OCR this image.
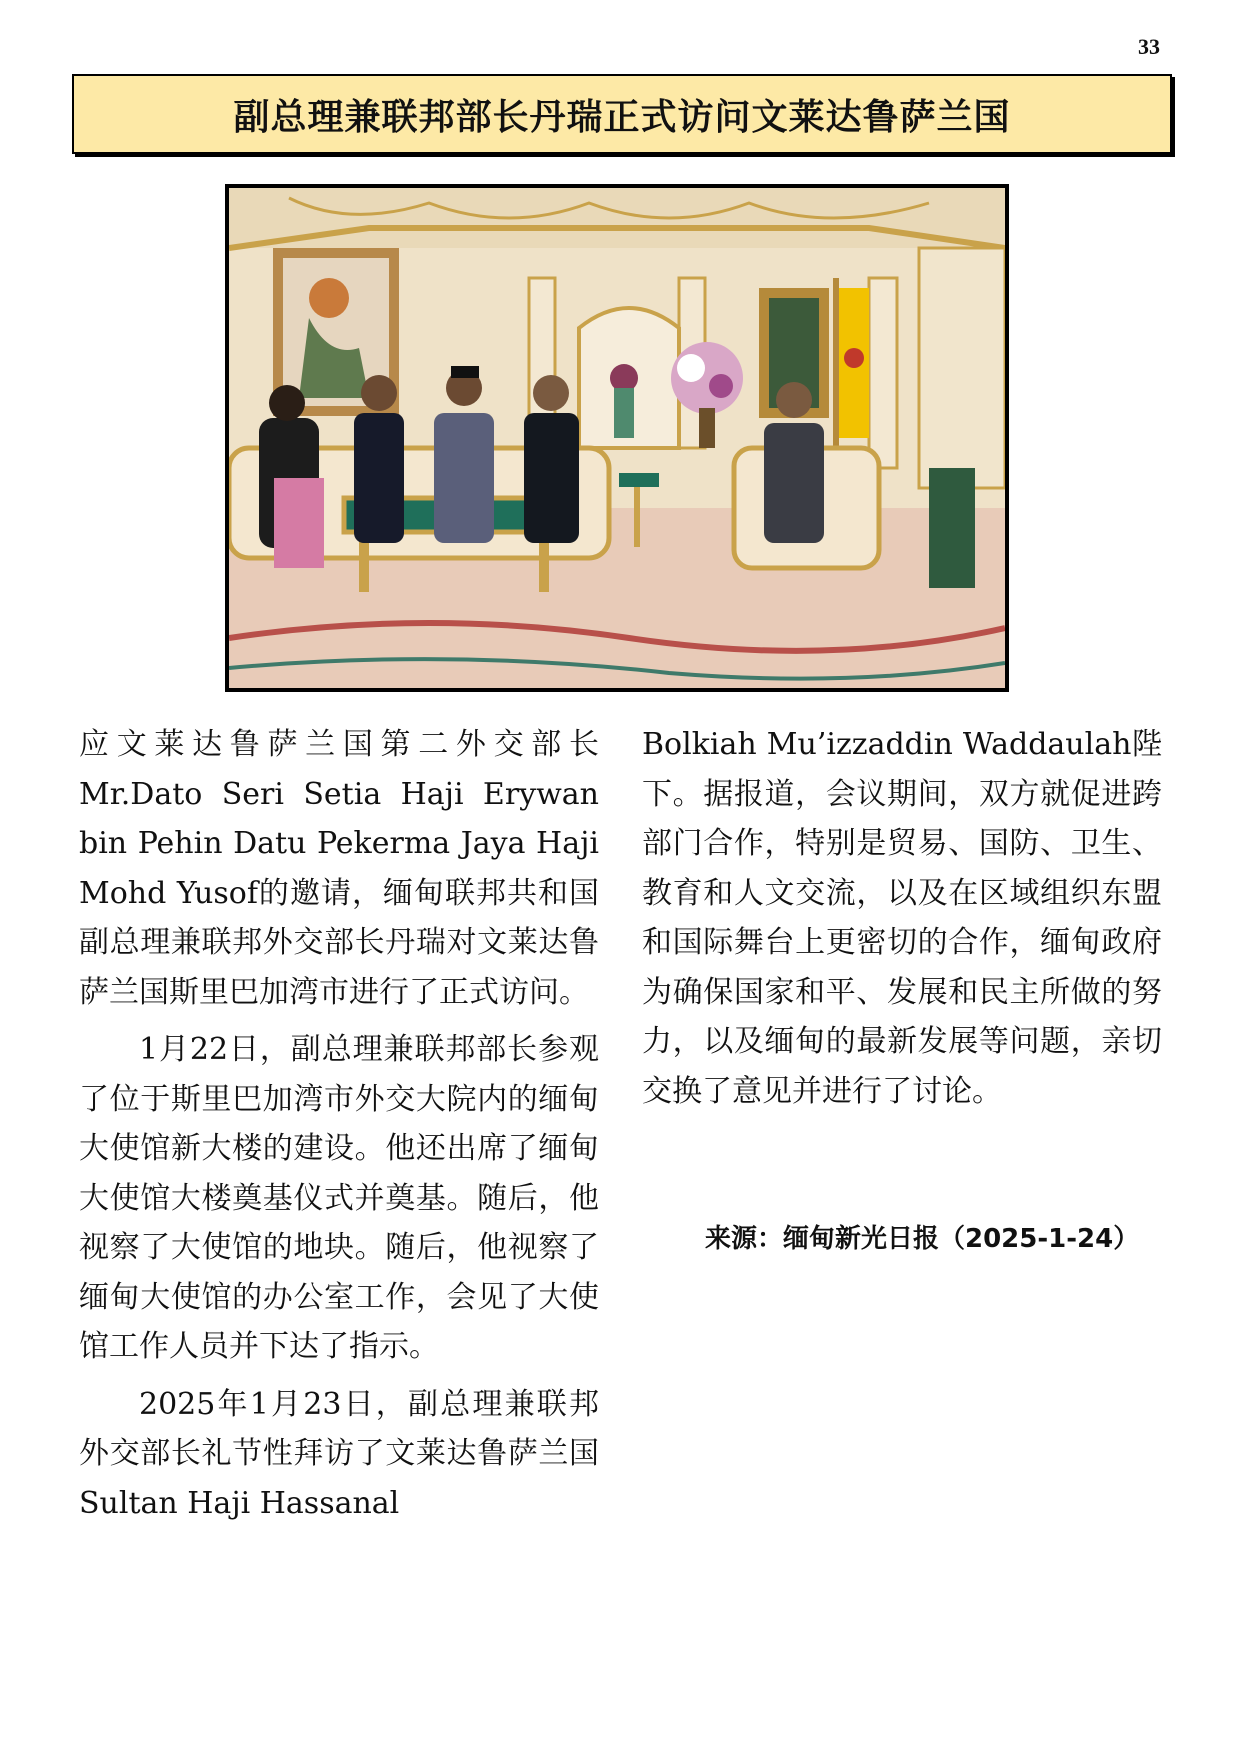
33
副总理兼联邦部长丹瑞正式访问文莱达鲁萨兰国

应文莱达鲁萨兰国第二外交部长Mr.Dato Seri Setia Haji Erywan bin Pehin Datu Pekerma Jaya Haji Mohd Yusof的邀请，缅甸联邦共和国副总理兼联邦外交部长丹瑞对文莱达鲁萨兰国斯里巴加湾市进行了正式访问。

1月22日，副总理兼联邦部长参观了位于斯里巴加湾市外交大院内的缅甸大使馆新大楼的建设。他还出席了缅甸大使馆大楼奠基仪式并奠基。随后，他视察了大使馆的地块。随后，他视察了缅甸大使馆的办公室工作，会见了大使馆工作人员并下达了指示。

2025年1月23日，副总理兼联邦外交部长礼节性拜访了文莱达鲁萨兰国Sultan Haji Hassanal

Bolkiah Mu’izzaddin Waddaulah陛下。据报道，会议期间，双方就促进跨部门合作，特别是贸易、国防、卫生、教育和人文交流，以及在区域组织东盟和国际舞台上更密切的合作，缅甸政府为确保国家和平、发展和民主所做的努力，以及缅甸的最新发展等问题，亲切交换了意见并进行了讨论。

来源：缅甸新光日报（2025-1-24）
